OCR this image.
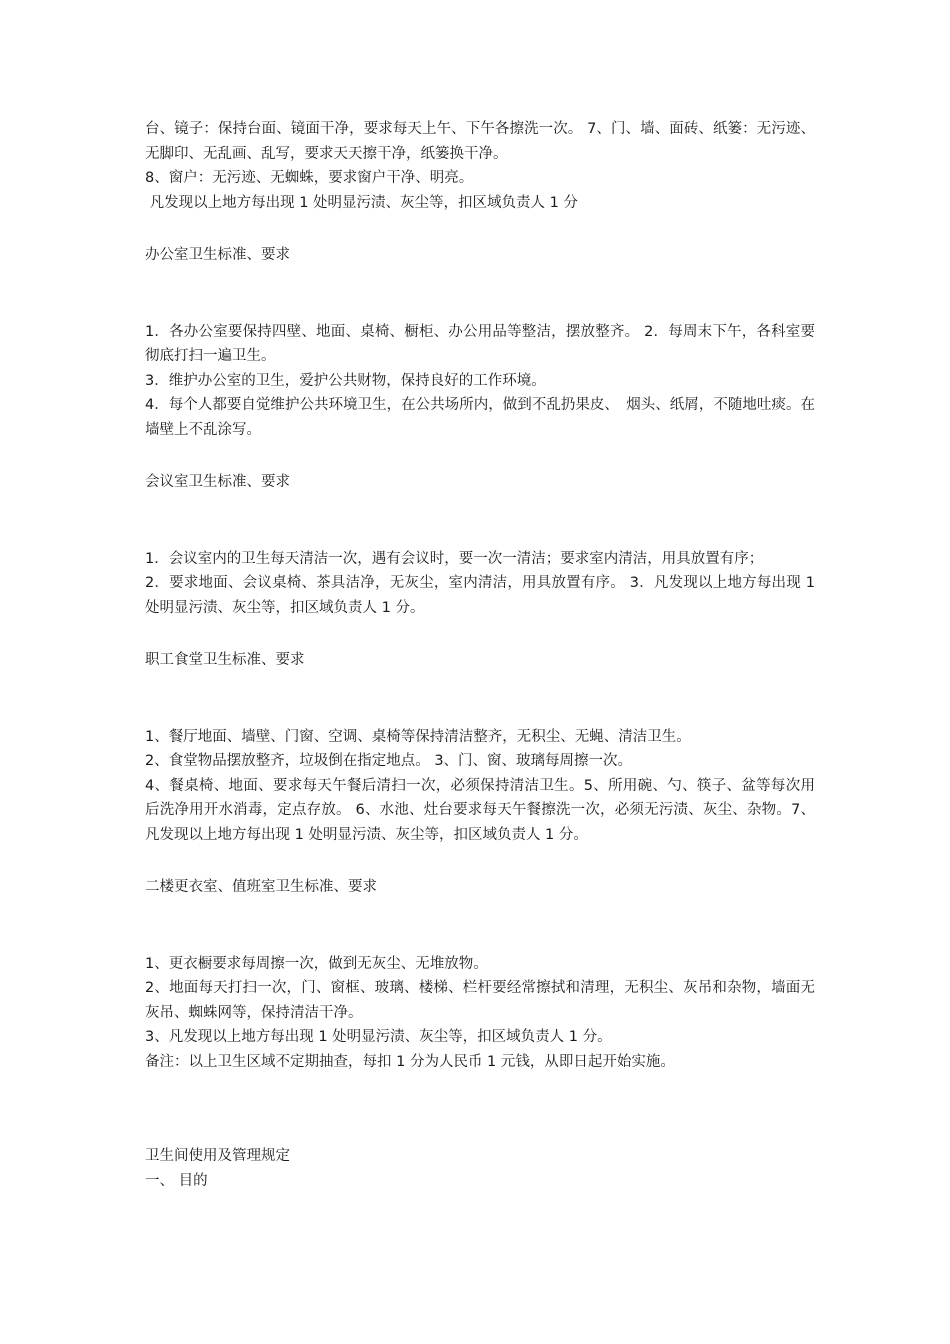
台、镜子：保持台面、镜面干净，要求每天上午、下午各擦洗一次。 7、门、墙、面砖、纸篓：无污迹、无脚印、无乱画、乱写，要求天天擦干净，纸篓换干净。

8、窗户：无污迹、无蜘蛛，要求窗户干净、明亮。

凡发现以上地方每出现 1 处明显污渍、灰尘等，扣区域负责人 1 分

办公室卫生标准、要求

1．各办公室要保持四壁、地面、桌椅、橱柜、办公用品等整洁，摆放整齐。 2．每周末下午，各科室要彻底打扫一遍卫生。

3．维护办公室的卫生，爱护公共财物，保持良好的工作环境。

4．每个人都要自觉维护公共环境卫生，在公共场所内，做到不乱扔果皮、　烟头、纸屑，不随地吐痰。在墙壁上不乱涂写。

会议室卫生标准、要求

1．会议室内的卫生每天清洁一次，遇有会议时，要一次一清洁；要求室内清洁，用具放置有序；

2．要求地面、会议桌椅、茶具洁净，无灰尘，室内清洁，用具放置有序。 3．凡发现以上地方每出现 1 处明显污渍、灰尘等，扣区域负责人 1 分。

职工食堂卫生标准、要求

1、餐厅地面、墙壁、门窗、空调、桌椅等保持清洁整齐，无积尘、无蝇、清洁卫生。

2、食堂物品摆放整齐，垃圾倒在指定地点。 3、门、窗、玻璃每周擦一次。

4、餐桌椅、地面、要求每天午餐后清扫一次，必须保持清洁卫生。5、所用碗、勺、筷子、盆等每次用后洗净用开水消毒，定点存放。 6、水池、灶台要求每天午餐擦洗一次，必须无污渍、灰尘、杂物。7、凡发现以上地方每出现 1 处明显污渍、灰尘等，扣区域负责人 1 分。

二楼更衣室、值班室卫生标准、要求

1、更衣橱要求每周擦一次，做到无灰尘、无堆放物。

2、地面每天打扫一次，门、窗框、玻璃、楼梯、栏杆要经常擦拭和清理，无积尘、灰吊和杂物，墙面无灰吊、蜘蛛网等，保持清洁干净。

3、凡发现以上地方每出现 1 处明显污渍、灰尘等，扣区域负责人 1 分。

备注：以上卫生区域不定期抽查，每扣 1 分为人民币 1 元钱，从即日起开始实施。

卫生间使用及管理规定

一、 目的
